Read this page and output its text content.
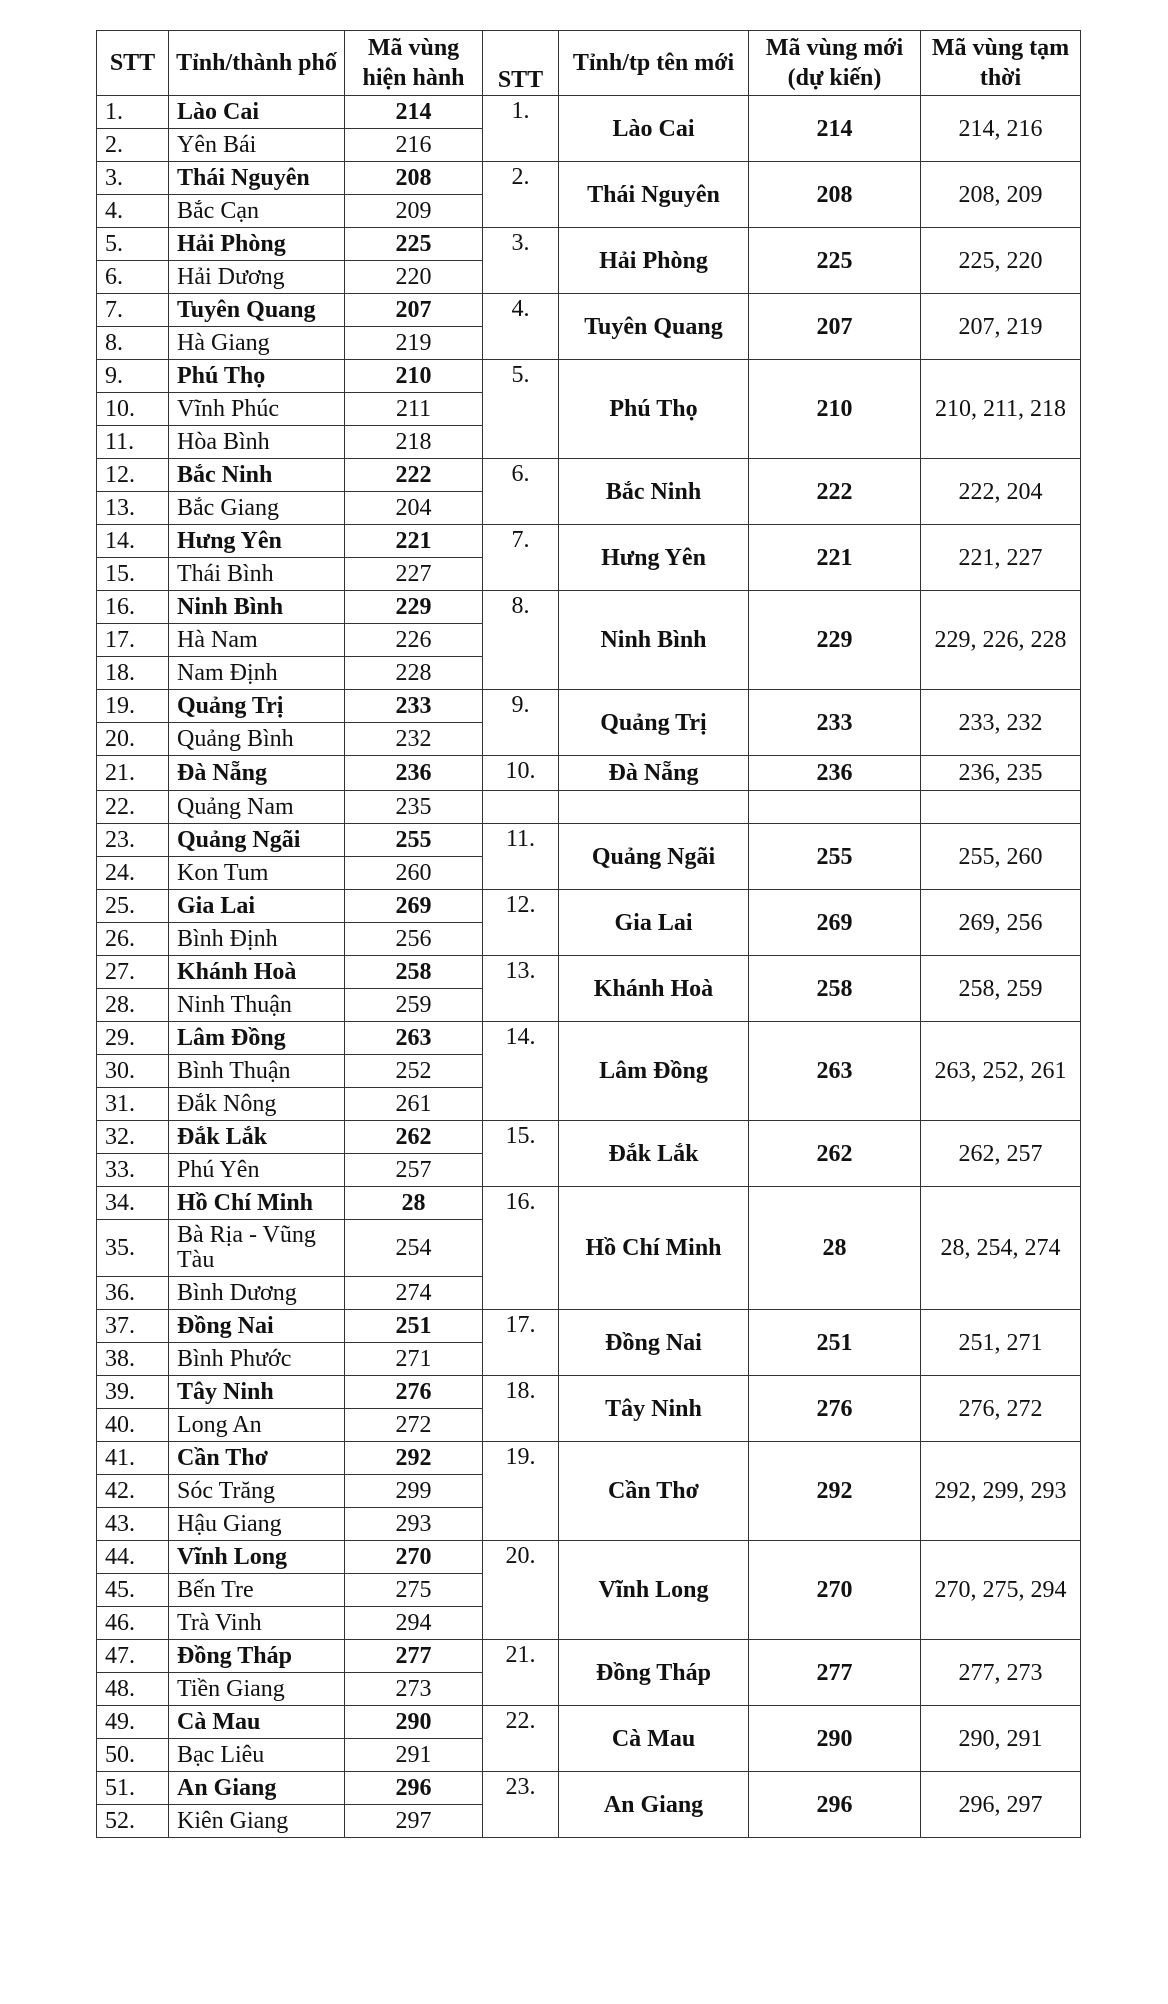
STT	Tỉnh/thành phố	Mã vùng hiện hành	STT	Tỉnh/tp tên mới	Mã vùng mới (dự kiến)	Mã vùng tạm thời
1.	Lào Cai	214	1.	Lào Cai	214	214, 216
2.	Yên Bái	216				
3.	Thái Nguyên	208	2.	Thái Nguyên	208	208, 209
4.	Bắc Cạn	209				
5.	Hải Phòng	225	3.	Hải Phòng	225	225, 220
6.	Hải Dương	220				
7.	Tuyên Quang	207	4.	Tuyên Quang	207	207, 219
8.	Hà Giang	219				
9.	Phú Thọ	210	5.	Phú Thọ	210	210, 211, 218
10.	Vĩnh Phúc	211				
11.	Hòa Bình	218				
12.	Bắc Ninh	222	6.	Bắc Ninh	222	222, 204
13.	Bắc Giang	204				
14.	Hưng Yên	221	7.	Hưng Yên	221	221, 227
15.	Thái Bình	227				
16.	Ninh Bình	229	8.	Ninh Bình	229	229, 226, 228
17.	Hà Nam	226				
18.	Nam Định	228				
19.	Quảng Trị	233	9.	Quảng Trị	233	233, 232
20.	Quảng Bình	232				
21.	Đà Nẵng	236	10.	Đà Nẵng	236	236, 235
22.	Quảng Nam	235				
23.	Quảng Ngãi	255	11.	Quảng Ngãi	255	255, 260
24.	Kon Tum	260				
25.	Gia Lai	269	12.	Gia Lai	269	269, 256
26.	Bình Định	256				
27.	Khánh Hoà	258	13.	Khánh Hoà	258	258, 259
28.	Ninh Thuận	259				
29.	Lâm Đồng	263	14.	Lâm Đồng	263	263, 252, 261
30.	Bình Thuận	252				
31.	Đắk Nông	261				
32.	Đắk Lắk	262	15.	Đắk Lắk	262	262, 257
33.	Phú Yên	257				
34.	Hồ Chí Minh	28	16.	Hồ Chí Minh	28	28, 254, 274
35.	Bà Rịa - Vũng Tàu	254				
36.	Bình Dương	274				
37.	Đồng Nai	251	17.	Đồng Nai	251	251, 271
38.	Bình Phước	271				
39.	Tây Ninh	276	18.	Tây Ninh	276	276, 272
40.	Long An	272				
41.	Cần Thơ	292	19.	Cần Thơ	292	292, 299, 293
42.	Sóc Trăng	299				
43.	Hậu Giang	293				
44.	Vĩnh Long	270	20.	Vĩnh Long	270	270, 275, 294
45.	Bến Tre	275				
46.	Trà Vinh	294				
47.	Đồng Tháp	277	21.	Đồng Tháp	277	277, 273
48.	Tiền Giang	273				
49.	Cà Mau	290	22.	Cà Mau	290	290, 291
50.	Bạc Liêu	291				
51.	An Giang	296	23.	An Giang	296	296, 297
52.	Kiên Giang	297				
